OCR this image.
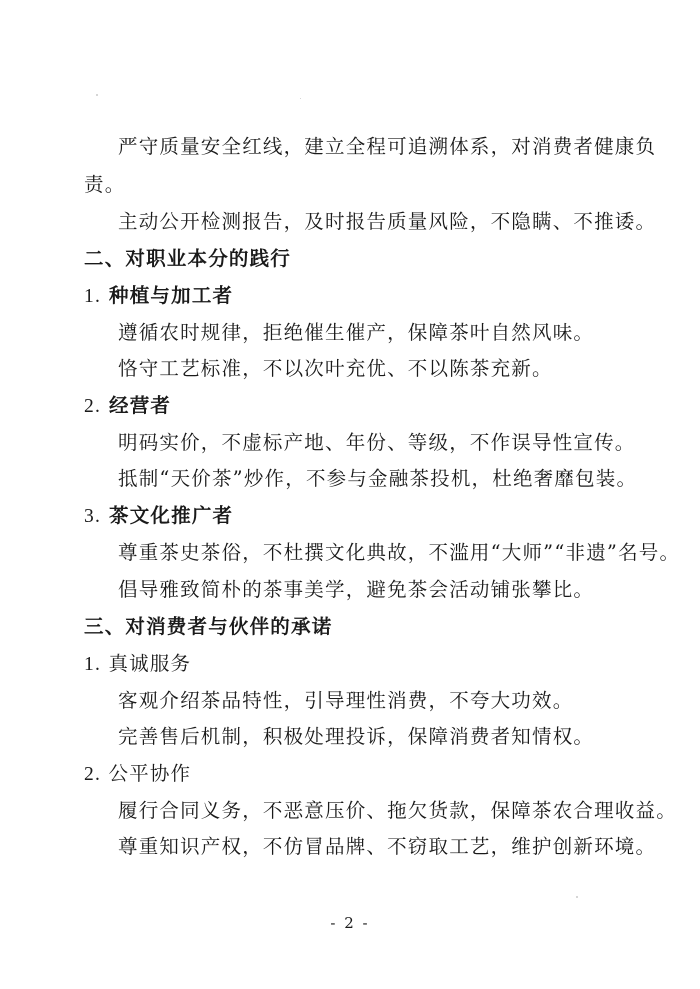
严守质量安全红线，建立全程可追溯体系，对消费者健康负
责。
主动公开检测报告，及时报告质量风险，不隐瞒、不推诿。
二、对职业本分的践行
1. 种植与加工者
遵循农时规律，拒绝催生催产，保障茶叶自然风味。
恪守工艺标准，不以次叶充优、不以陈茶充新。
2. 经营者
明码实价，不虚标产地、年份、等级，不作误导性宣传。
抵制“天价茶”炒作，不参与金融茶投机，杜绝奢靡包装。
3. 茶文化推广者
尊重茶史茶俗，不杜撰文化典故，不滥用“大师”“非遗”名号。
倡导雅致简朴的茶事美学，避免茶会活动铺张攀比。
三、对消费者与伙伴的承诺
1. 真诚服务
客观介绍茶品特性，引导理性消费，不夸大功效。
完善售后机制，积极处理投诉，保障消费者知情权。
2. 公平协作
履行合同义务，不恶意压价、拖欠货款，保障茶农合理收益。
尊重知识产权，不仿冒品牌、不窃取工艺，维护创新环境。
- 2 -
